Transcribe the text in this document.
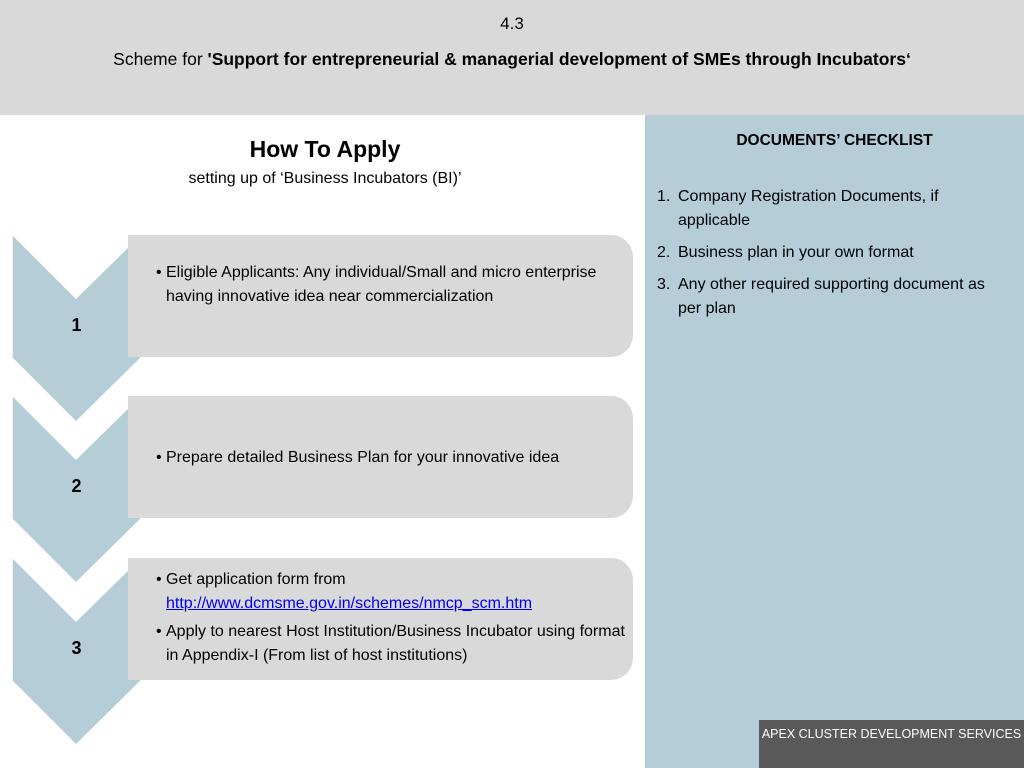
4.3
Scheme for 'Support for entrepreneurial & managerial development of SMEs through Incubators‘
How To Apply
setting up of ‘Business Incubators (BI)’
1
• Eligible Applicants: Any individual/Small and micro enterprise having innovative idea near commercialization
2
• Prepare detailed Business Plan for your innovative idea
3
• Get application form from
http://www.dcmsme.gov.in/schemes/nmcp_scm.htm
• Apply to nearest Host Institution/Business Incubator using format in Appendix-I (From list of host institutions)
DOCUMENTS’ CHECKLIST
1. Company Registration Documents, if applicable
2. Business plan in your own format
3. Any other required supporting document as per plan
APEX CLUSTER DEVELOPMENT SERVICES
